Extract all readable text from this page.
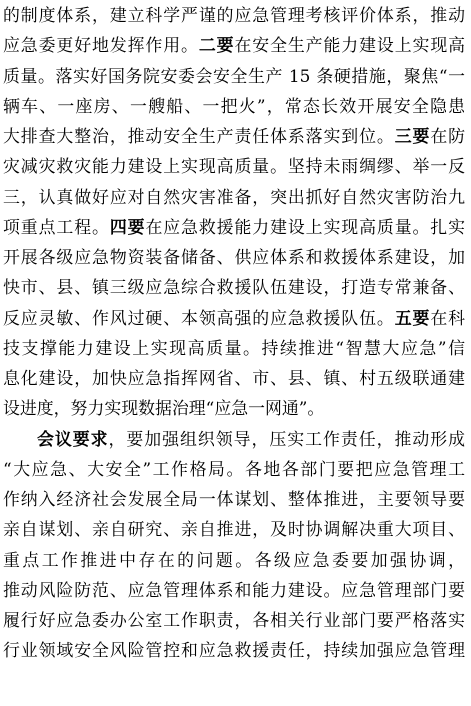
的制度体系，建立科学严谨的应急管理考核评价体系，推动
应急委更好地发挥作用。二要在安全生产能力建设上实现高
质量。落实好国务院安委会安全生产 15 条硬措施，聚焦“一
辆车、一座房、一艘船、一把火”，常态长效开展安全隐患
大排查大整治，推动安全生产责任体系落实到位。三要在防
灾减灾救灾能力建设上实现高质量。坚持未雨绸缪、举一反
三，认真做好应对自然灾害准备，突出抓好自然灾害防治九
项重点工程。四要在应急救援能力建设上实现高质量。扎实
开展各级应急物资装备储备、供应体系和救援体系建设，加
快市、县、镇三级应急综合救援队伍建设，打造专常兼备、
反应灵敏、作风过硬、本领高强的应急救援队伍。五要在科
技支撑能力建设上实现高质量。持续推进“智慧大应急”信
息化建设，加快应急指挥网省、市、县、镇、村五级联通建
设进度，努力实现数据治理“应急一网通”。
会议要求，要加强组织领导，压实工作责任，推动形成
“大应急、大安全”工作格局。各地各部门要把应急管理工
作纳入经济社会发展全局一体谋划、整体推进，主要领导要
亲自谋划、亲自研究、亲自推进，及时协调解决重大项目、
重点工作推进中存在的问题。各级应急委要加强协调，
推动风险防范、应急管理体系和能力建设。应急管理部门要
履行好应急委办公室工作职责，各相关行业部门要严格落实
行业领域安全风险管控和应急救援责任，持续加强应急管理
